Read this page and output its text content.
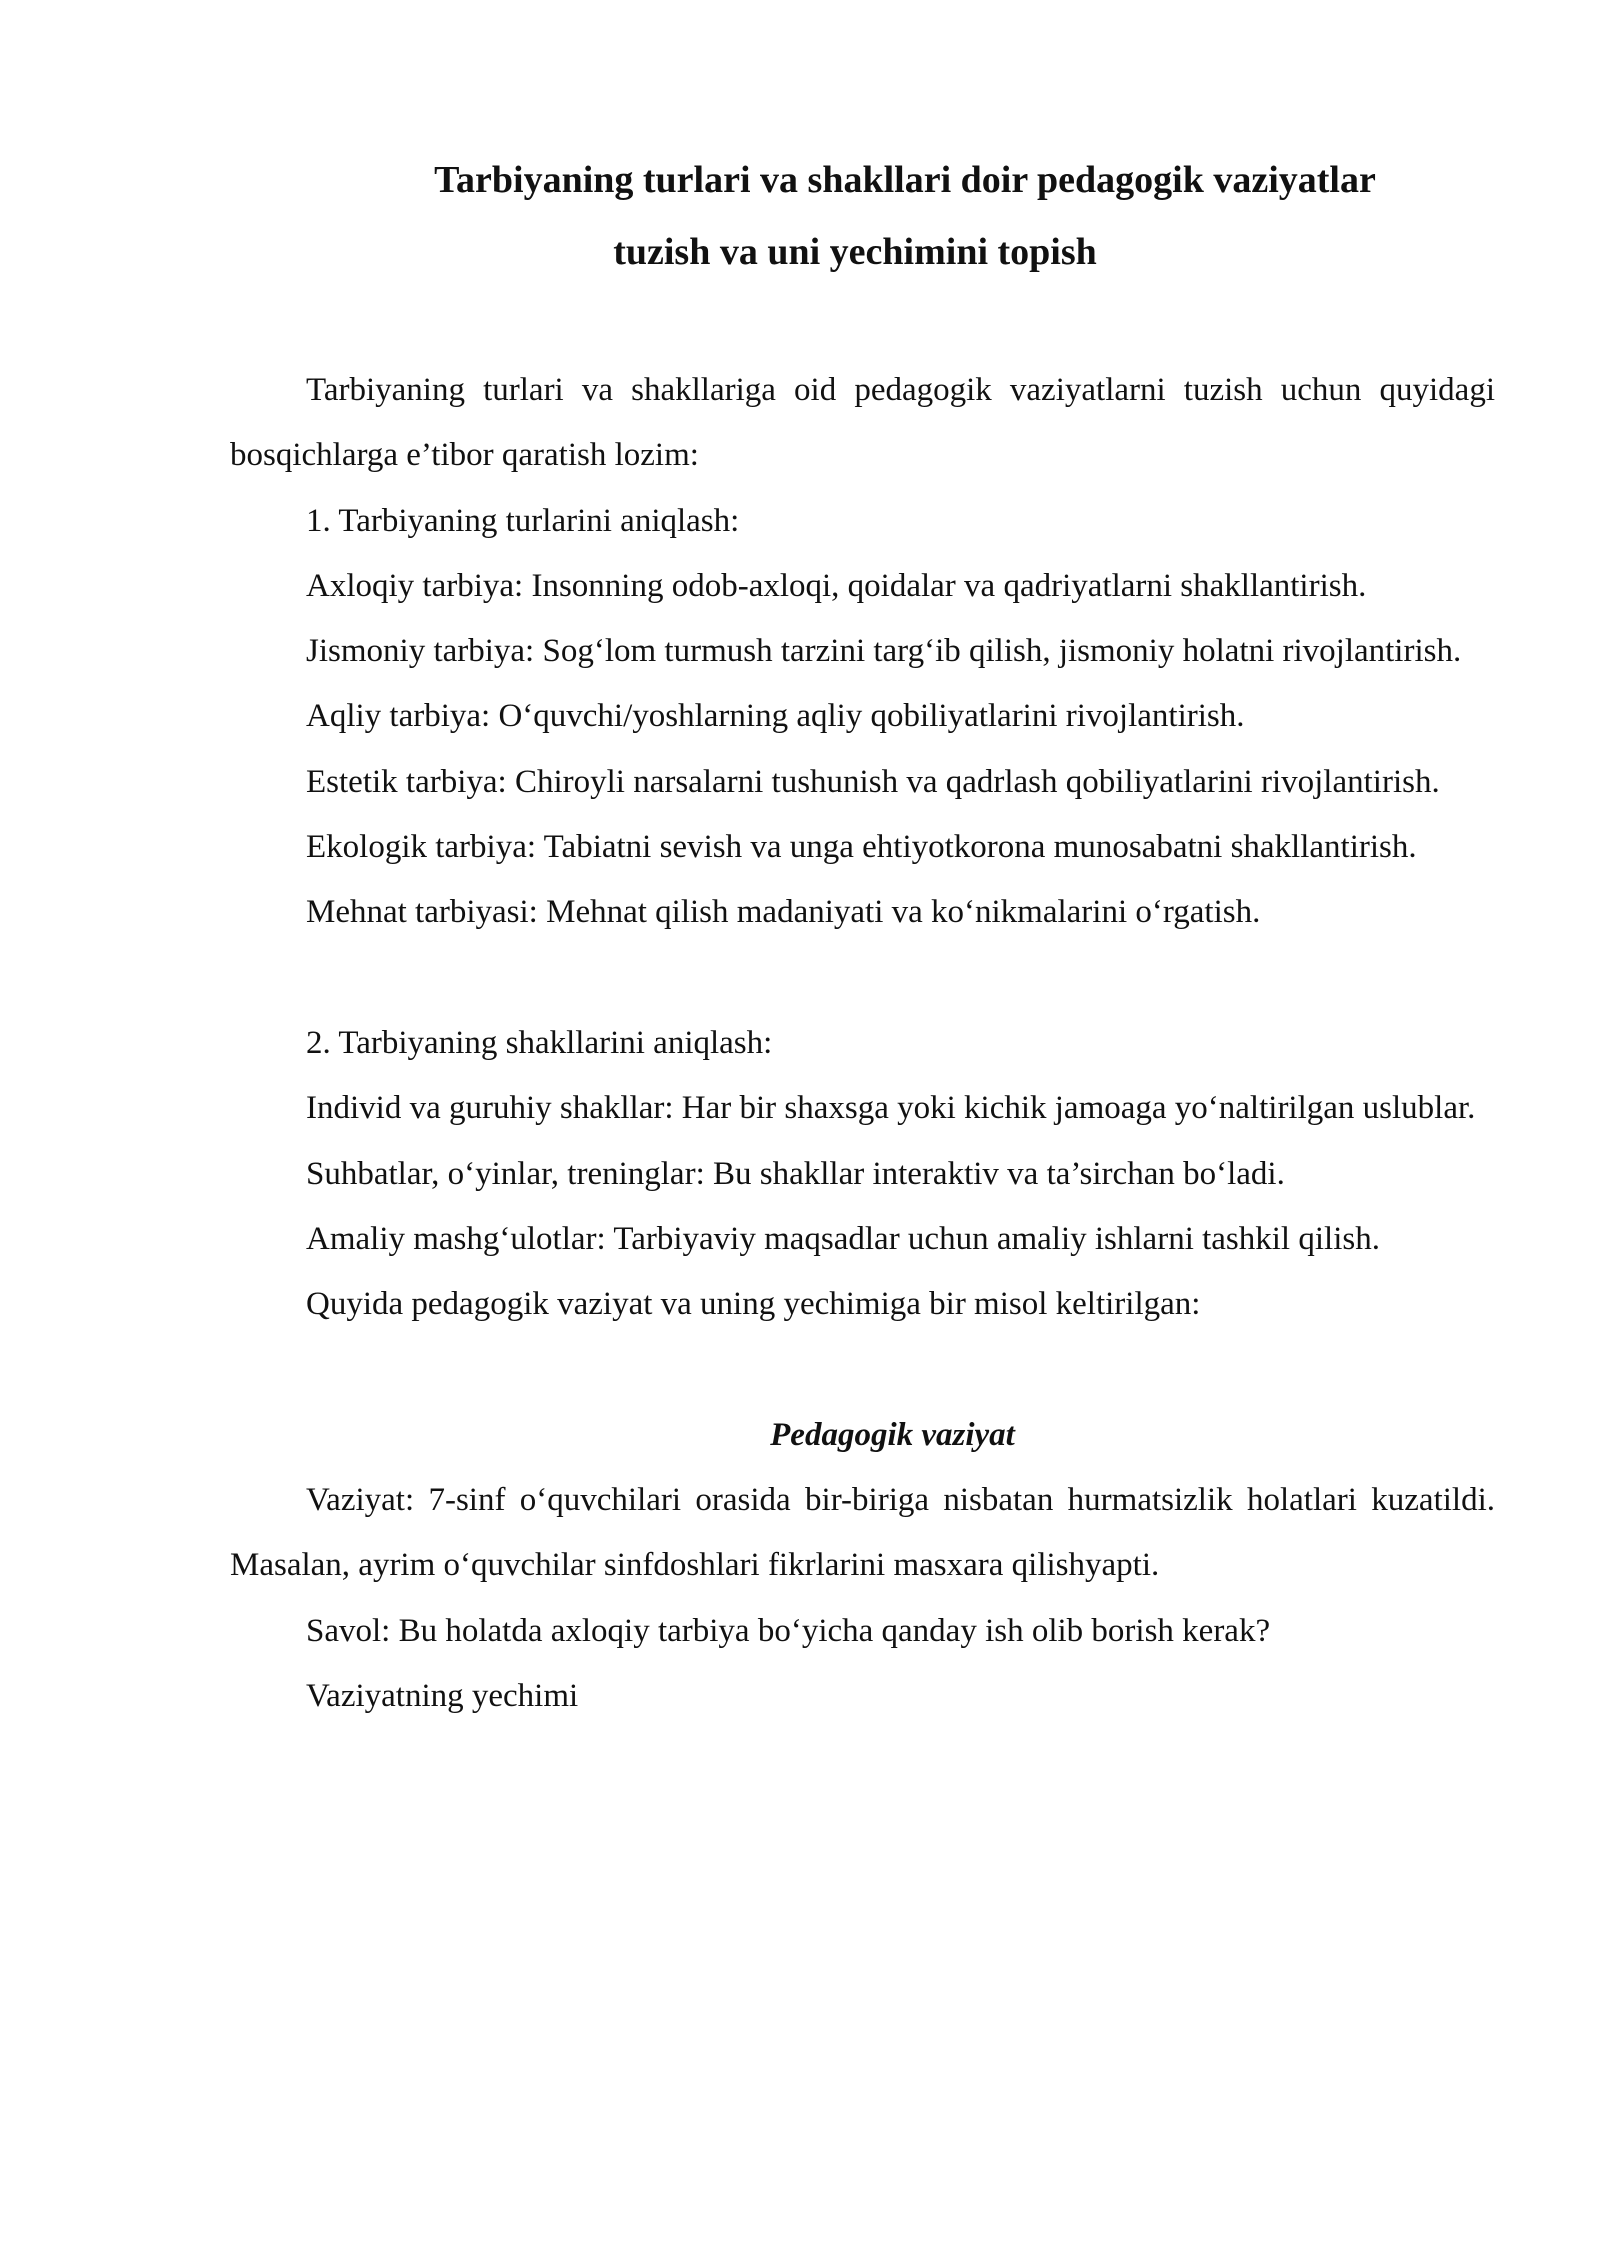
Tarbiyaning turlari va shakllari doir pedagogik vaziyatlar
tuzish va uni yechimini topish

Tarbiyaning turlari va shakllariga oid pedagogik vaziyatlarni tuzish uchun quyidagi bosqichlarga e’tibor qaratish lozim:

1. Tarbiyaning turlarini aniqlash:

Axloqiy tarbiya: Insonning odob-axloqi, qoidalar va qadriyatlarni shakllantirish.

Jismoniy tarbiya: Sog‘lom turmush tarzini targ‘ib qilish, jismoniy holatni rivojlantirish.

Aqliy tarbiya: O‘quvchi/yoshlarning aqliy qobiliyatlarini rivojlantirish.

Estetik tarbiya: Chiroyli narsalarni tushunish va qadrlash qobiliyatlarini rivojlantirish.

Ekologik tarbiya: Tabiatni sevish va unga ehtiyotkorona munosabatni shakllantirish.

Mehnat tarbiyasi: Mehnat qilish madaniyati va ko‘nikmalarini o‘rgatish.

2. Tarbiyaning shakllarini aniqlash:

Individ va guruhiy shakllar: Har bir shaxsga yoki kichik jamoaga yo‘naltirilgan uslublar.

Suhbatlar, o‘yinlar, treninglar: Bu shakllar interaktiv va ta’sirchan bo‘ladi.

Amaliy mashg‘ulotlar: Tarbiyaviy maqsadlar uchun amaliy ishlarni tashkil qilish.

Quyida pedagogik vaziyat va uning yechimiga bir misol keltirilgan:

Pedagogik vaziyat

Vaziyat: 7-sinf o‘quvchilari orasida bir-biriga nisbatan hurmatsizlik holatlari kuzatildi. Masalan, ayrim o‘quvchilar sinfdoshlari fikrlarini masxara qilishyapti.

Savol: Bu holatda axloqiy tarbiya bo‘yicha qanday ish olib borish kerak?

Vaziyatning yechimi
